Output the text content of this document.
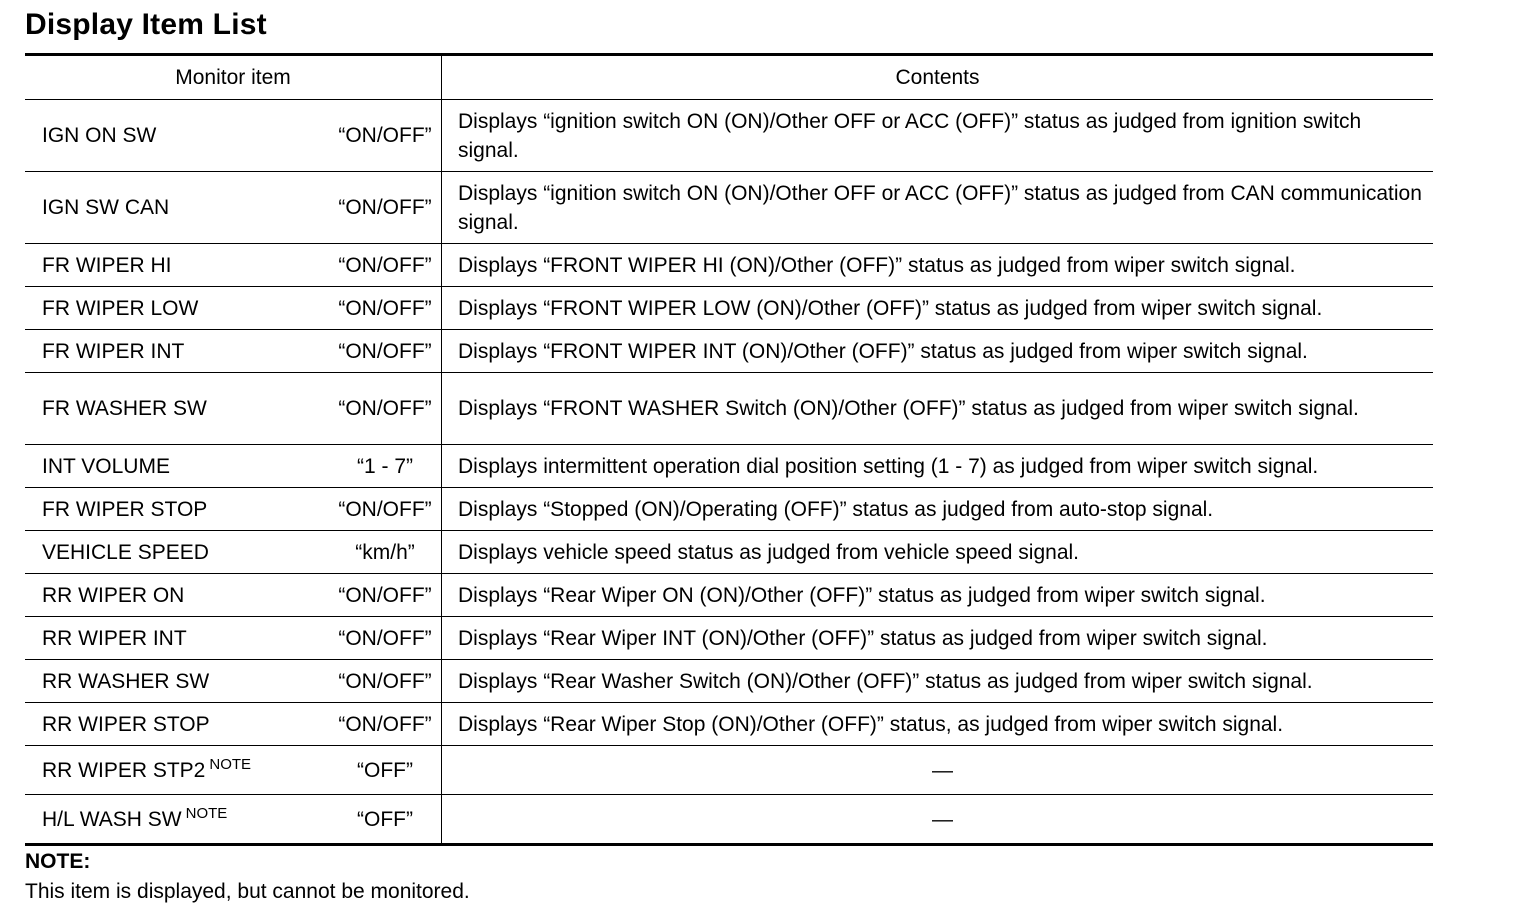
Display Item List
Monitor item	Contents

IGN ON SW “ON/OFF”	Displays “ignition switch ON (ON)/Other OFF or ACC (OFF)” status as judged from ignition switch signal.

IGN SW CAN “ON/OFF”	Displays “ignition switch ON (ON)/Other OFF or ACC (OFF)” status as judged from CAN communication signal.

FR WIPER HI “ON/OFF”	Displays “FRONT WIPER HI (ON)/Other (OFF)” status as judged from wiper switch signal.

FR WIPER LOW “ON/OFF”	Displays “FRONT WIPER LOW (ON)/Other (OFF)” status as judged from wiper switch signal.

FR WIPER INT “ON/OFF”	Displays “FRONT WIPER INT (ON)/Other (OFF)” status as judged from wiper switch signal.

FR WASHER SW “ON/OFF”	Displays “FRONT WASHER Switch (ON)/Other (OFF)” status as judged from wiper switch signal.

INT VOLUME “1 - 7”	Displays intermittent operation dial position setting (1 - 7) as judged from wiper switch signal.

FR WIPER STOP “ON/OFF”	Displays “Stopped (ON)/Operating (OFF)” status as judged from auto-stop signal.

VEHICLE SPEED “km/h”	Displays vehicle speed status as judged from vehicle speed signal.

RR WIPER ON “ON/OFF”	Displays “Rear Wiper ON (ON)/Other (OFF)” status as judged from wiper switch signal.

RR WIPER INT “ON/OFF”	Displays “Rear Wiper INT (ON)/Other (OFF)” status as judged from wiper switch signal.

RR WASHER SW “ON/OFF”	Displays “Rear Washer Switch (ON)/Other (OFF)” status as judged from wiper switch signal.

RR WIPER STOP “ON/OFF”	Displays “Rear Wiper Stop (ON)/Other (OFF)” status, as judged from wiper switch signal.

RR WIPER STP2 $^{NOTE}$ “OFF”	—

H/L WASH SW $^{NOTE}$ “OFF”	—
NOTE:
This item is displayed, but cannot be monitored.
